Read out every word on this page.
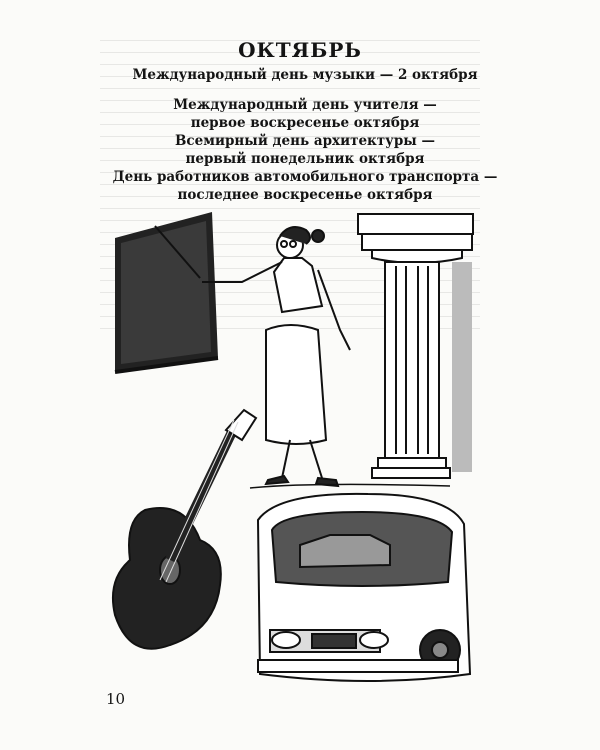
ОКТЯБРЬ
Международный день музыки — 2 октября
Международный день учителя —
первое воскресенье октября
Всемирный день архитектуры —
первый понедельник октября
День работников автомобильного транспорта —
последнее воскресенье октября
10
